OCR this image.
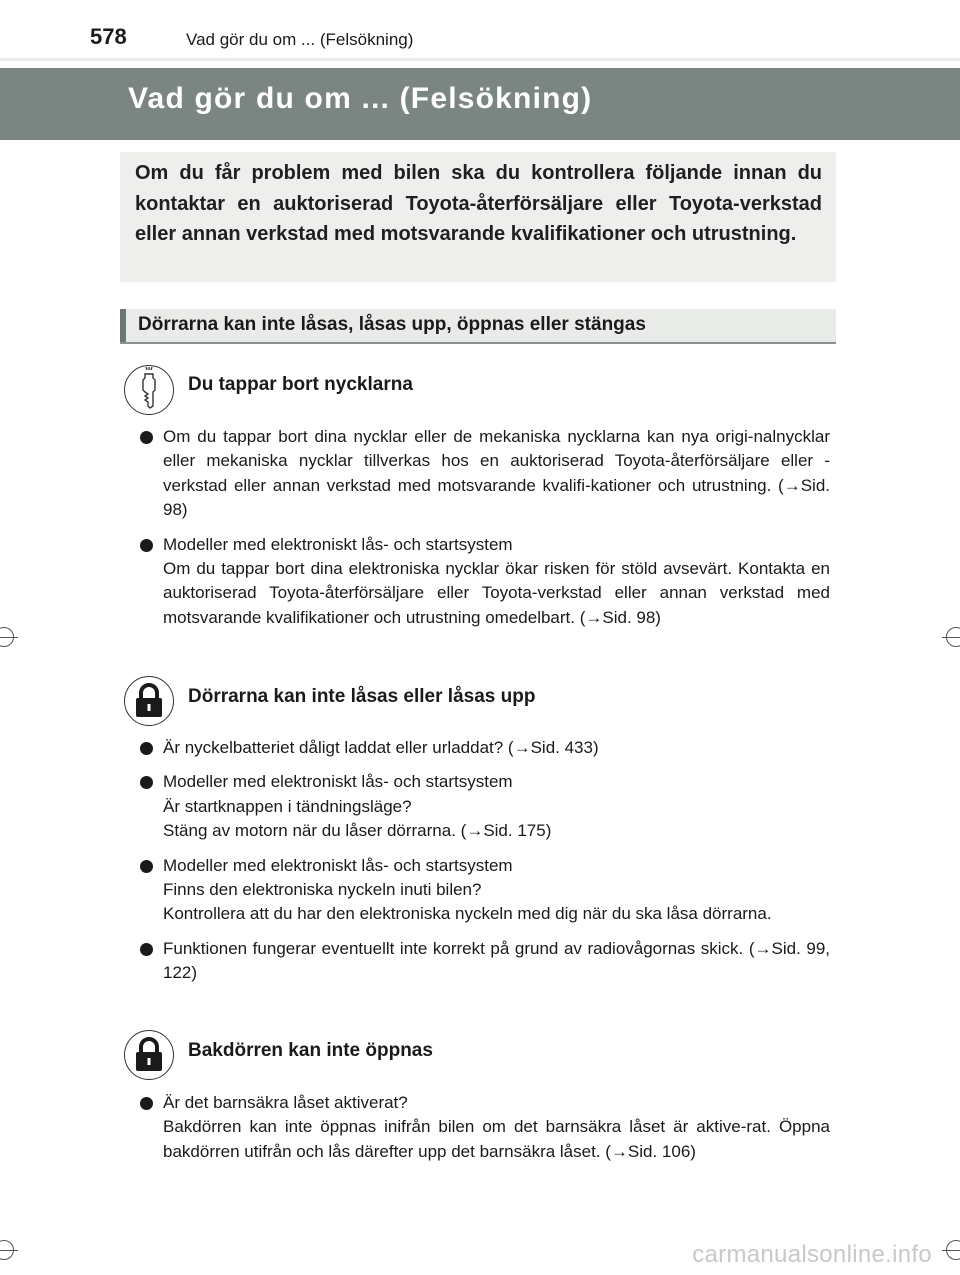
578	Vad gör du om ... (Felsökning)
Vad gör du om ... (Felsökning)

Om du får problem med bilen ska du kontrollera följande innan du kontaktar en auktoriserad Toyota-återförsäljare eller Toyota-verkstad eller annan verkstad med motsvarande kvalifikationer och utrustning.

Dörrarna kan inte låsas, låsas upp, öppnas eller stängas
Du tappar bort nycklarna
Om du tappar bort dina nycklar eller de mekaniska nycklarna kan nya origi-nalnycklar eller mekaniska nycklar tillverkas hos en auktoriserad Toyota-återförsäljare eller -verkstad eller annan verkstad med motsvarande kvalifi-kationer och utrustning. (→Sid. 98)
Modeller med elektroniskt lås- och startsystem
Om du tappar bort dina elektroniska nycklar ökar risken för stöld avsevärt. Kontakta en auktoriserad Toyota-återförsäljare eller Toyota-verkstad eller annan verkstad med motsvarande kvalifikationer och utrustning omedelbart. (→Sid. 98)
Dörrarna kan inte låsas eller låsas upp
Är nyckelbatteriet dåligt laddat eller urladdat? (→Sid. 433)
Modeller med elektroniskt lås- och startsystem
Är startknappen i tändningsläge?
Stäng av motorn när du låser dörrarna. (→Sid. 175)
Modeller med elektroniskt lås- och startsystem
Finns den elektroniska nyckeln inuti bilen?
Kontrollera att du har den elektroniska nyckeln med dig när du ska låsa dörrarna.
Funktionen fungerar eventuellt inte korrekt på grund av radiovågornas skick. (→Sid. 99, 122)
Bakdörren kan inte öppnas
Är det barnsäkra låset aktiverat?
Bakdörren kan inte öppnas inifrån bilen om det barnsäkra låset är aktive-rat. Öppna bakdörren utifrån och lås därefter upp det barnsäkra låset. (→Sid. 106)
carmanualsonline.info
